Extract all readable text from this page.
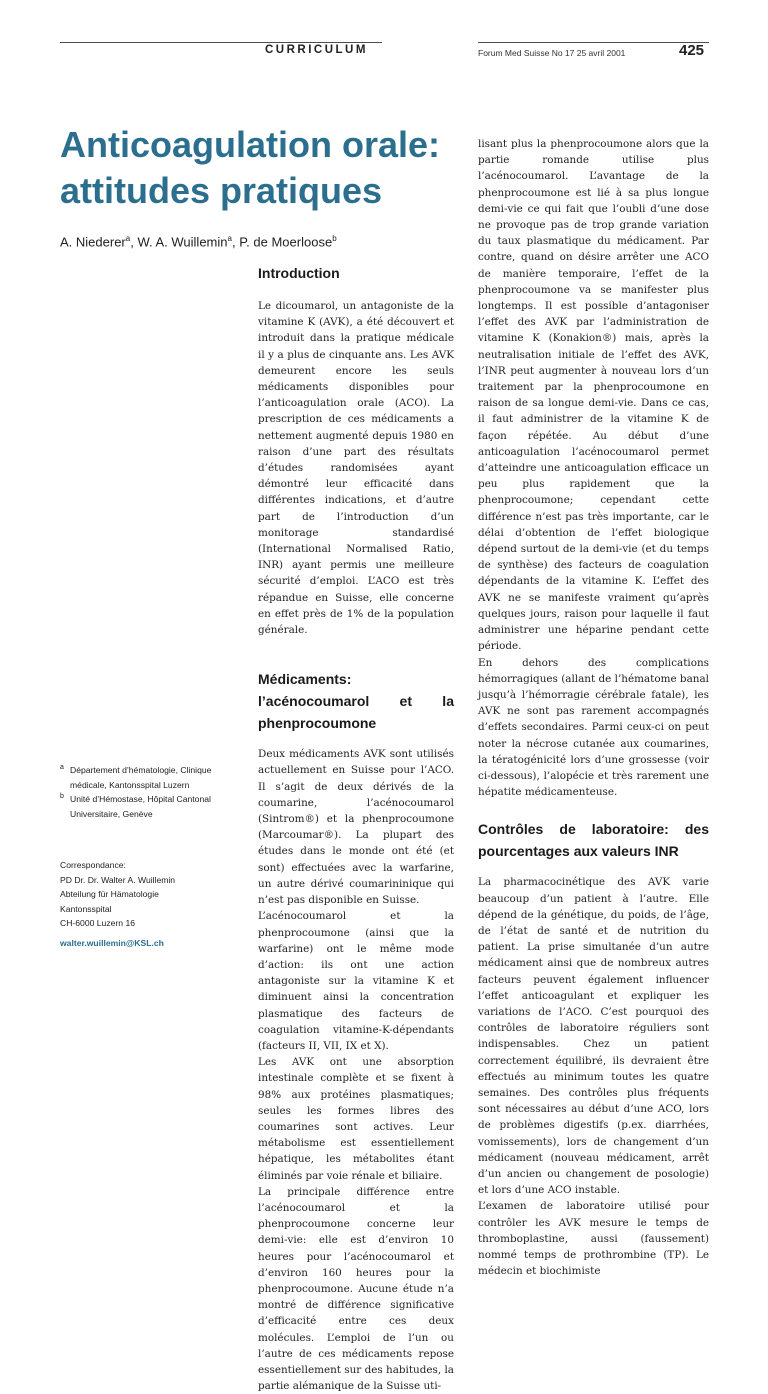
CURRICULUM	Forum Med Suisse No 17 25 avril 2001	425
Anticoagulation orale:
attitudes pratiques
A. Niederer$^a$, W. A. Wuillemin$^a$, P. de Moerloose$^b$

a Département d’hématologie, Clinique médicale, Kantonsspital Luzern

b Unité d’Hémostase, Hôpital Cantonal Universitaire, Genève

Correspondance:

PD Dr. Dr. Walter A. Wuillemin

Abteilung für Hämatologie

Kantonsspital

CH-6000 Luzern 16

walter.wuillemin@KSL.ch
Introduction

Le dicoumarol, un antagoniste de la vitamine K (AVK), a été découvert et introduit dans la pratique médicale il y a plus de cinquante ans. Les AVK demeurent encore les seuls médicaments disponibles pour l’anticoagulation orale (ACO). La prescription de ces médicaments a nettement augmenté depuis 1980 en raison d’une part des résultats d’études randomisées ayant démontré leur efficacité dans différentes indications, et d’autre part de l’introduction d’un monitorage standardisé (International Normalised Ratio, INR) ayant permis une meilleure sécurité d’emploi. L’ACO est très répandue en Suisse, elle concerne en effet près de 1% de la population générale.

Médicaments: l’acénocoumarol et la phenprocoumone

Deux médicaments AVK sont utilisés actuellement en Suisse pour l’ACO. Il s’agit de deux dérivés de la coumarine, l’acénocoumarol (Sintrom®) et la phenprocoumone (Marcoumar®). La plupart des études dans le monde ont été (et sont) effectuées avec la warfarine, un autre dérivé coumarininique qui n’est pas disponible en Suisse.

L’acénocoumarol et la phenprocoumone (ainsi que la warfarine) ont le même mode d’action: ils ont une action antagoniste sur la vitamine K et diminuent ainsi la concentration plasmatique des facteurs de coagulation vitamine-K-dépendants (facteurs II, VII, IX et X).

Les AVK ont une absorption intestinale complète et se fixent à 98% aux protéines plasmatiques; seules les formes libres des coumarines sont actives. Leur métabolisme est essentiellement hépatique, les métabolites étant éliminés par voie rénale et biliaire.

La principale différence entre l’acénocoumarol et la phenprocoumone concerne leur demi-vie: elle est d’environ 10 heures pour l’acénocoumarol et d’environ 160 heures pour la phenprocoumone. Aucune étude n’a montré de différence significative d’efficacité entre ces deux molécules. L’emploi de l’un ou l’autre de ces médicaments repose essentiellement sur des habitudes, la partie alémanique de la Suisse uti-

lisant plus la phenprocoumone alors que la partie romande utilise plus l’acénocoumarol. L’avantage de la phenprocoumone est lié à sa plus longue demi-vie ce qui fait que l’oubli d’une dose ne provoque pas de trop grande variation du taux plasmatique du médicament. Par contre, quand on désire arrêter une ACO de manière temporaire, l’effet de la phenprocoumone va se manifester plus longtemps. Il est possible d’antagoniser l’effet des AVK par l’administration de vitamine K (Konakion®) mais, après la neutralisation initiale de l’effet des AVK, l’INR peut augmenter à nouveau lors d’un traitement par la phenprocoumone en raison de sa longue demi-vie. Dans ce cas, il faut administrer de la vitamine K de façon répétée. Au début d’une anticoagulation l’acénocoumarol permet d’atteindre une anticoagulation efficace un peu plus rapidement que la phenprocoumone; cependant cette différence n’est pas très importante, car le délai d’obtention de l’effet biologique dépend surtout de la demi-vie (et du temps de synthèse) des facteurs de coagulation dépendants de la vitamine K. L’effet des AVK ne se manifeste vraiment qu’après quelques jours, raison pour laquelle il faut administrer une héparine pendant cette période.

En dehors des complications hémorragiques (allant de l’hématome banal jusqu’à l’hémorragie cérébrale fatale), les AVK ne sont pas rarement accompagnés d’effets secondaires. Parmi ceux-ci on peut noter la nécrose cutanée aux coumarines, la tératogénicité lors d’une grossesse (voir ci-dessous), l’alopécie et très rarement une hépatite médicamenteuse.

Contrôles de laboratoire: des pourcentages aux valeurs INR

La pharmacocinétique des AVK varie beaucoup d’un patient à l’autre. Elle dépend de la génétique, du poids, de l’âge, de l’état de santé et de nutrition du patient. La prise simultanée d’un autre médicament ainsi que de nombreux autres facteurs peuvent également influencer l’effet anticoagulant et expliquer les variations de l’ACO. C’est pourquoi des contrôles de laboratoire réguliers sont indispensables. Chez un patient correctement équilibré, ils devraient être effectués au minimum toutes les quatre semaines. Des contrôles plus fréquents sont nécessaires au début d’une ACO, lors de problèmes digestifs (p.ex. diarrhées, vomissements), lors de changement d’un médicament (nouveau médicament, arrêt d’un ancien ou changement de posologie) et lors d’une ACO instable.

L’examen de laboratoire utilisé pour contrôler les AVK mesure le temps de thromboplastine, aussi (faussement) nommé temps de prothrombine (TP). Le médecin et biochimiste
